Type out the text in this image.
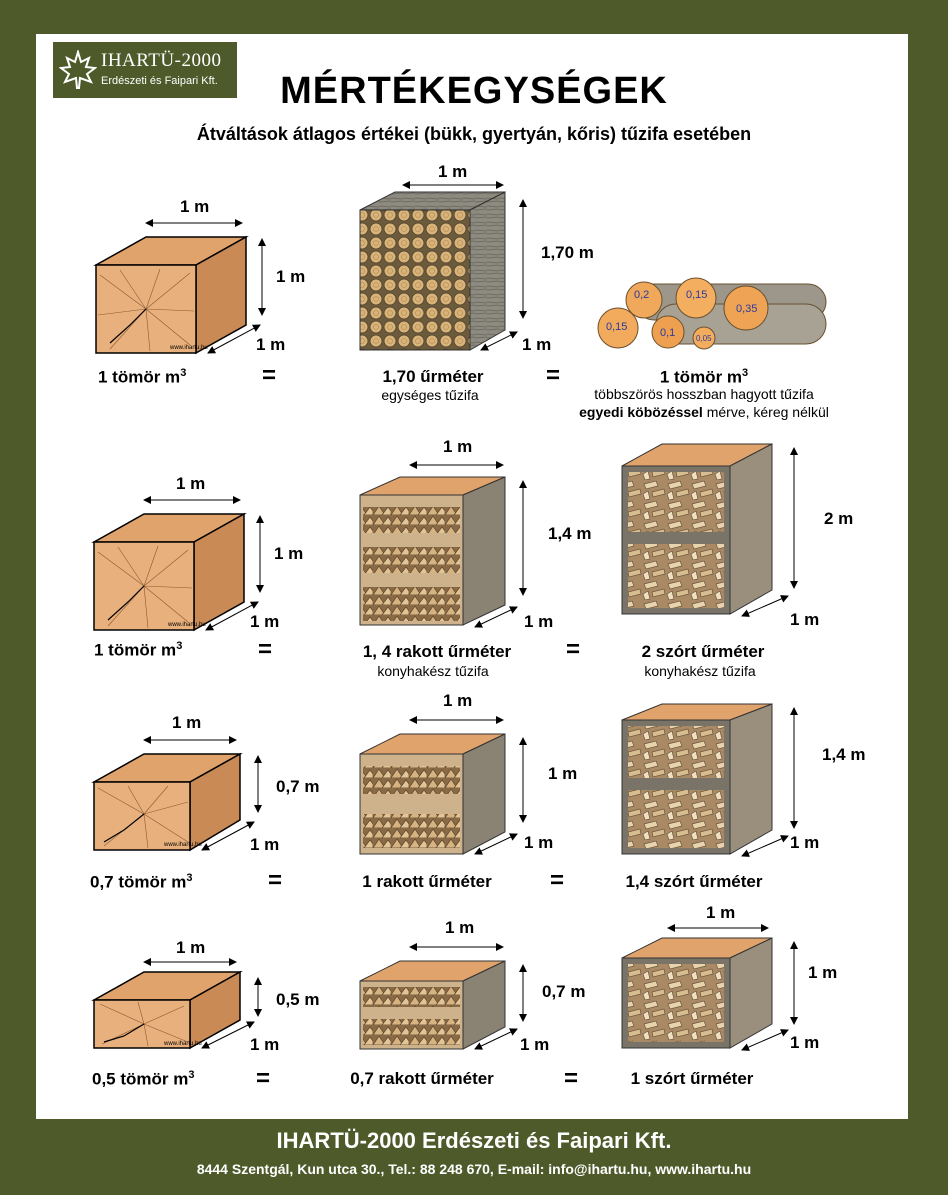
IHARTÜ-2000
Erdészeti és Faipari Kft.	MÉRTÉKEGYSÉGEK
Átváltások átlagos értékei (bükk, gyertyán, kőris) tűzifa esetében
www.ihartu.hu
1 m
1 m
1 m
1 m
1,70 m
1 m
0,2	0,15
0,35
0,15	0,1	0,05
1 tömör $m^3$	=	1,70 űrméter
egységes tűzifa
=	1 tömör $m^3$
többszörös hosszban hagyott tűzifa
egyedi köbözéssel mérve, kéreg nélkül
www.ihartu.hu
1 m
1 m
1 m
1 m
1,4 m
1 m
2 m
1 m
1 tömör $m^3$	=	1, 4 rakott űrméter
konyhakész tűzifa
=	2 szórt űrméter
konyhakész tűzifa
www.ihartu.hu
1 m
0,7 m
1 m
1 m
1 m
1 m
1,4 m
1 m
0,7 tömör $m^3$	=	1 rakott űrméter =	1,4 szórt űrméter
www.ihartu.hu
1 m
0,5 m
1 m
1 m
0,7 m
1 m
1 m
1 m
1 m
0,5 tömör $m^3$	=	0,7 rakott űrméter	=	1 szórt űrméter
IHARTÜ-2000 Erdészeti és Faipari Kft.
8444 Szentgál, Kun utca 30., Tel.: 88 248 670, E-mail: info@ihartu.hu, www.ihartu.hu
